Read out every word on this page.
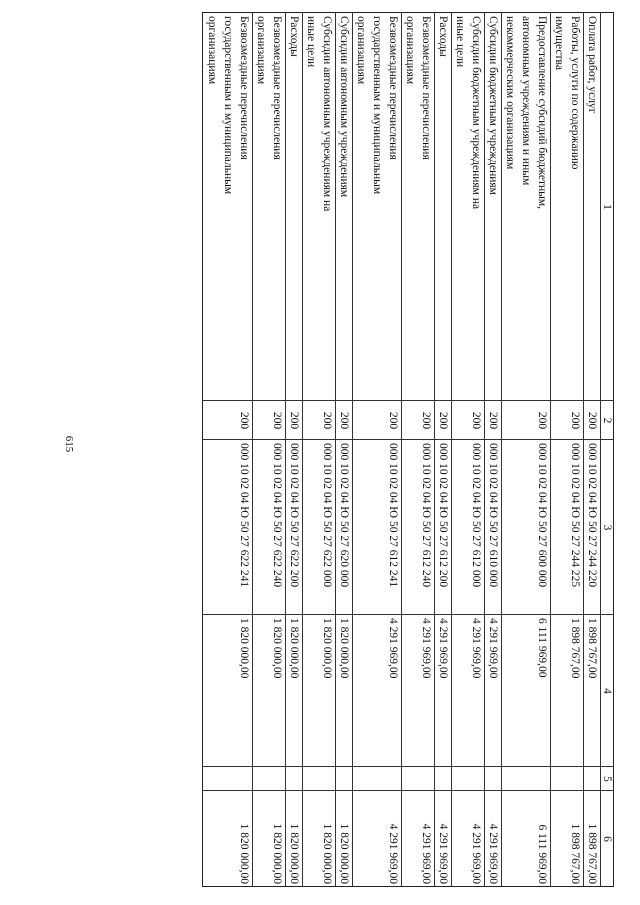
615
1
2
3
4
5
6
Оплата работ, услуг
200
000 10 02 04 Ю 50 27 244 220
1 898 767,00
1 898 767,00
Работы, услуги по содержанию
имущества
200
000 10 02 04 Ю 50 27 244 225
1 898 767,00
1 898 767,00
Предоставление субсидий бюджетным,
автономным учреждениям и иным
некоммерческим организациям
200
000 10 02 04 Ю 50 27 600 000
6 111 969,00
6 111 969,00
Субсидии бюджетным учреждениям
200
000 10 02 04 Ю 50 27 610 000
4 291 969,00
4 291 969,00
Субсидии бюджетным учреждениям на
иные цели
200
000 10 02 04 Ю 50 27 612 000
4 291 969,00
4 291 969,00
Расходы
200
000 10 02 04 Ю 50 27 612 200
4 291 969,00
4 291 969,00
Безвозмездные перечисления
организациям
200
000 10 02 04 Ю 50 27 612 240
4 291 969,00
4 291 969,00
Безвозмездные перечисления
государственным и муниципальным
организациям
200
000 10 02 04 Ю 50 27 612 241
4 291 969,00
4 291 969,00
Субсидии автономным учреждениям
200
000 10 02 04 Ю 50 27 620 000
1 820 000,00
1 820 000,00
Субсидии автономным учреждениям на
иные цели
200
000 10 02 04 Ю 50 27 622 000
1 820 000,00
1 820 000,00
Расходы
200
000 10 02 04 Ю 50 27 622 200
1 820 000,00
1 820 000,00
Безвозмездные перечисления
организациям
200
000 10 02 04 Ю 50 27 622 240
1 820 000,00
1 820 000,00
Безвозмездные перечисления
государственным и муниципальным
организациям
200
000 10 02 04 Ю 50 27 622 241
1 820 000,00
1 820 000,00
